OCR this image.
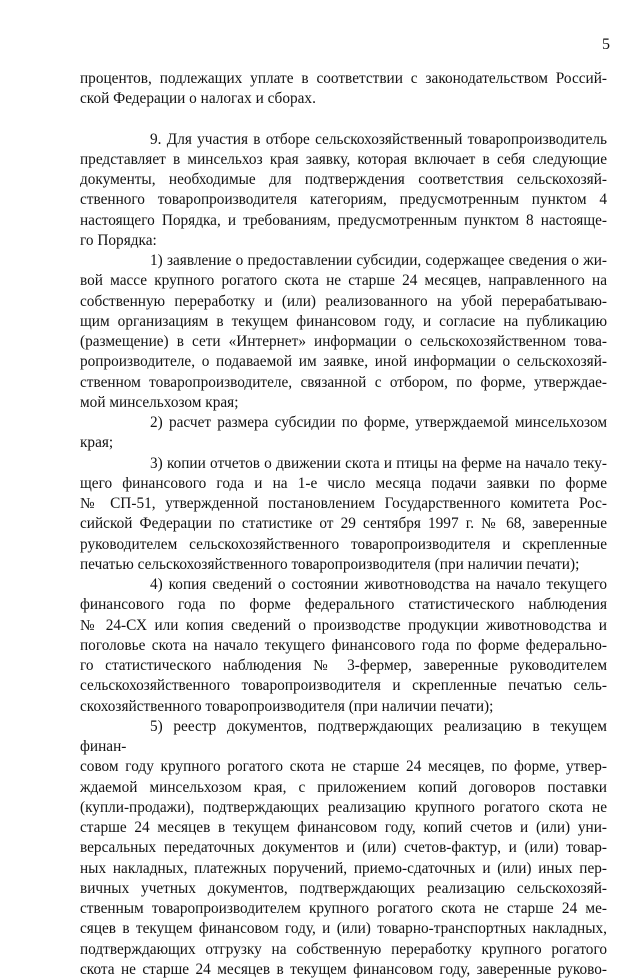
5

процентов, подлежащих уплате в соответствии с законодательством Россий-
ской Федерации о налогах и сборах.

9. Для участия в отборе сельскохозяйственный товаропроизводитель
представляет в минсельхоз края заявку, которая включает в себя следующие
документы, необходимые для подтверждения соответствия сельскохозяй-
ственного товаропроизводителя категориям, предусмотренным пунктом 4
настоящего Порядка, и требованиям, предусмотренным пунктом 8 настояще-
го Порядка:

1) заявление о предоставлении субсидии, содержащее сведения о жи-
вой массе крупного рогатого скота не старше 24 месяцев, направленного на
собственную переработку и (или) реализованного на убой перерабатываю-
щим организациям в текущем финансовом году, и согласие на публикацию
(размещение) в сети «Интернет» информации о сельскохозяйственном това-
ропроизводителе, о подаваемой им заявке, иной информации о сельскохозяй-
ственном товаропроизводителе, связанной с отбором, по форме, утверждае-
мой минсельхозом края;

2) расчет размера субсидии по форме, утверждаемой минсельхозом
края;

3) копии отчетов о движении скота и птицы на ферме на начало теку-
щего финансового года и на 1-е число месяца подачи заявки по форме
№ СП-51, утвержденной постановлением Государственного комитета Рос-
сийской Федерации по статистике от 29 сентября 1997 г. № 68, заверенные
руководителем сельскохозяйственного товаропроизводителя и скрепленные
печатью сельскохозяйственного товаропроизводителя (при наличии печати);

4) копия сведений о состоянии животноводства на начало текущего
финансового года по форме федерального статистического наблюдения
№ 24-СХ или копия сведений о производстве продукции животноводства и
поголовье скота на начало текущего финансового года по форме федерально-
го статистического наблюдения № 3-фермер, заверенные руководителем
сельскохозяйственного товаропроизводителя и скрепленные печатью сель-
скохозяйственного товаропроизводителя (при наличии печати);

5) реестр документов, подтверждающих реализацию в текущем финан-
совом году крупного рогатого скота не старше 24 месяцев, по форме, утвер-
ждаемой минсельхозом края, с приложением копий договоров поставки
(купли-продажи), подтверждающих реализацию крупного рогатого скота не
старше 24 месяцев в текущем финансовом году, копий счетов и (или) уни-
версальных передаточных документов и (или) счетов-фактур, и (или) товар-
ных накладных, платежных поручений, приемо-сдаточных и (или) иных пер-
вичных учетных документов, подтверждающих реализацию сельскохозяй-
ственным товаропроизводителем крупного рогатого скота не старше 24 ме-
сяцев в текущем финансовом году, и (или) товарно-транспортных накладных,
подтверждающих отгрузку на собственную переработку крупного рогатого
скота не старше 24 месяцев в текущем финансовом году, заверенные руково-
